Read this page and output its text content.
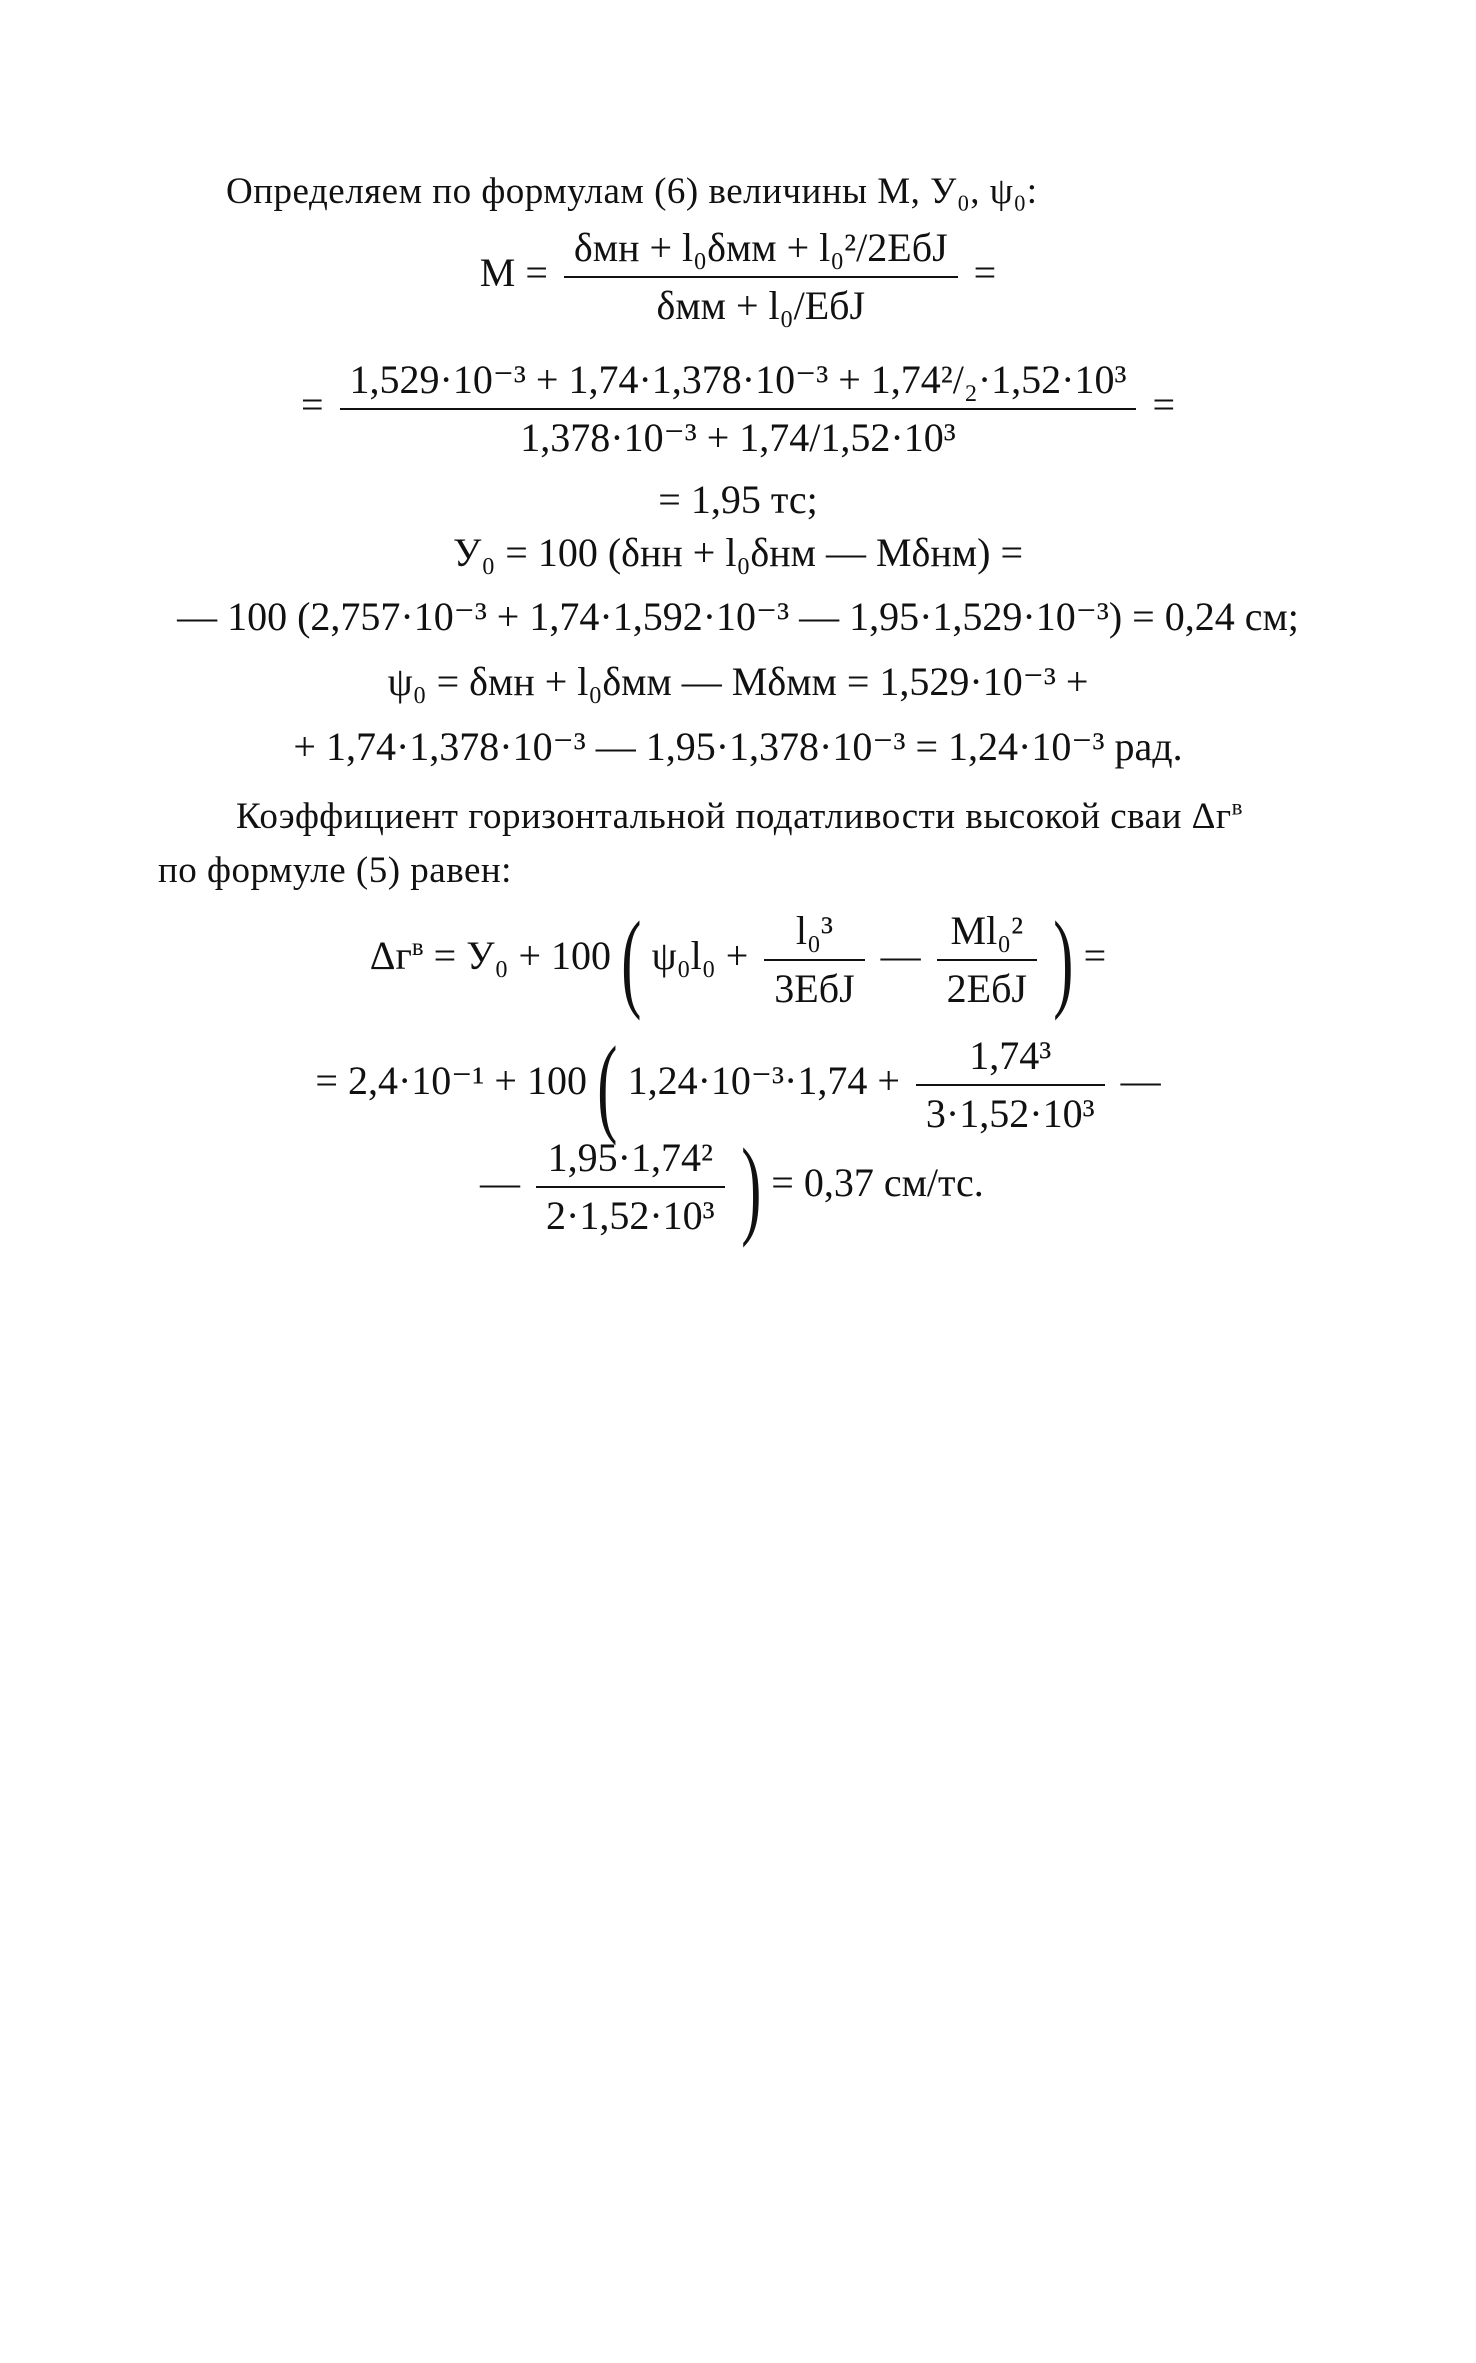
Определяем по формулам (6) величины M, У₀, ψ₀:
$M = \frac{\text{δмн + l₀δмм + l₀²/2EбJ}}{\text{δмм + l₀/EбJ}}$ =
= $\frac{\text{1,529·10⁻³ + 1,74·1,378·10⁻³ + 1,74²/₂·1,52·10³}}{\text{1,378·10⁻³ + 1,74/1,52·10³}}$ =
= 1,95 тс;
У₀ = 100 (δнн + l₀δнм — Mδнм) =
— 100 (2,757·10⁻³ + 1,74·1,592·10⁻³ — 1,95·1,529·10⁻³) = 0,24 см;
ψ₀ = δмн + l₀δмм — Mδмм = 1,529·10⁻³ +
+ 1,74·1,378·10⁻³ — 1,95·1,378·10⁻³ = 1,24·10⁻³ рад.
Коэффициент горизонтальной податливости высокой сваи $\Delta г^в$
по формуле (5) равен:
$\Delta г^в = У_0 + 100$ ( $\psi_0l_0 + \frac{\text{l₀³}}{\text{3EбJ}}$ — $\frac{\text{Ml₀²}}{\text{2EбJ}}$ ) =
= 2,4·10⁻¹ + 100 ( $1,24\cdot 10^{-3}\cdot 1,74 + \frac{\text{1,74³}}{\text{3·1,52·10³}}$ —
— $\frac{\text{1,95·1,74²}}{\text{2·1,52·10³}}$ ) = 0,37 см/тс.
